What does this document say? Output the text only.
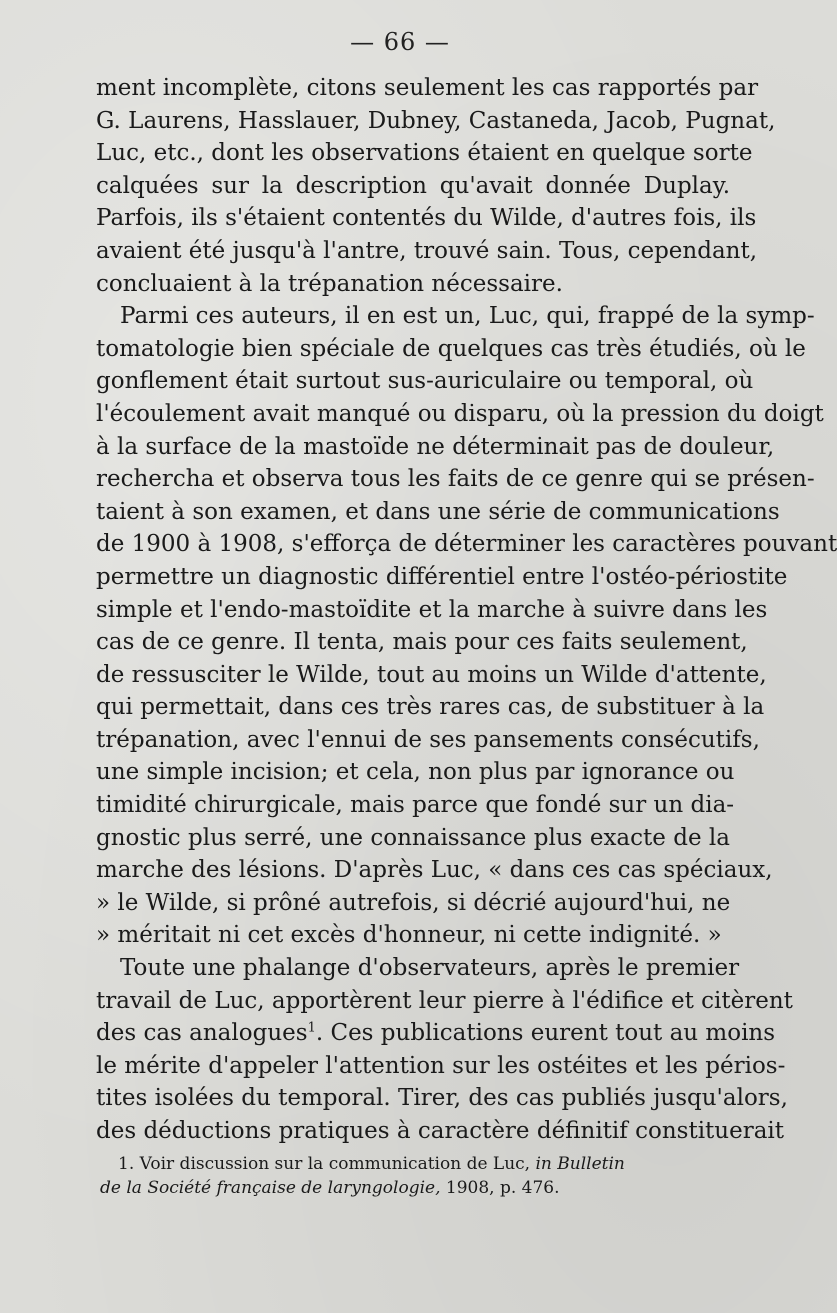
— 66 —
ment incomplète, citons seulement les cas rapportés par
G. Laurens, Hasslauer, Dubney, Castaneda, Jacob, Pugnat,
Luc, etc., dont les observations étaient en quelque sorte
calquées sur la description qu'avait donnée Duplay.
Parfois, ils s'étaient contentés du Wilde, d'autres fois, ils
avaient été jusqu'à l'antre, trouvé sain. Tous, cependant,
concluaient à la trépanation nécessaire.
Parmi ces auteurs, il en est un, Luc, qui, frappé de la symp-
tomatologie bien spéciale de quelques cas très étudiés, où le
gonflement était surtout sus-auriculaire ou temporal, où
l'écoulement avait manqué ou disparu, où la pression du doigt
à la surface de la mastoïde ne déterminait pas de douleur,
rechercha et observa tous les faits de ce genre qui se présen-
taient à son examen, et dans une série de communications
de 1900 à 1908, s'efforça de déterminer les caractères pouvant
permettre un diagnostic différentiel entre l'ostéo-périostite
simple et l'endo-mastoïdite et la marche à suivre dans les
cas de ce genre. Il tenta, mais pour ces faits seulement,
de ressusciter le Wilde, tout au moins un Wilde d'attente,
qui permettait, dans ces très rares cas, de substituer à la
trépanation, avec l'ennui de ses pansements consécutifs,
une simple incision; et cela, non plus par ignorance ou
timidité chirurgicale, mais parce que fondé sur un dia-
gnostic plus serré, une connaissance plus exacte de la
marche des lésions. D'après Luc, « dans ces cas spéciaux,
» le Wilde, si prôné autrefois, si décrié aujourd'hui, ne
» méritait ni cet excès d'honneur, ni cette indignité. »
Toute une phalange d'observateurs, après le premier
travail de Luc, apportèrent leur pierre à l'édifice et citèrent
des cas analogues$^1$. Ces publications eurent tout au moins
le mérite d'appeler l'attention sur les ostéites et les périos-
tites isolées du temporal. Tirer, des cas publiés jusqu'alors,
des déductions pratiques à caractère définitif constituerait
1. Voir discussion sur la communication de Luc, in Bulletin
de la Société française de laryngologie, 1908, p. 476.
